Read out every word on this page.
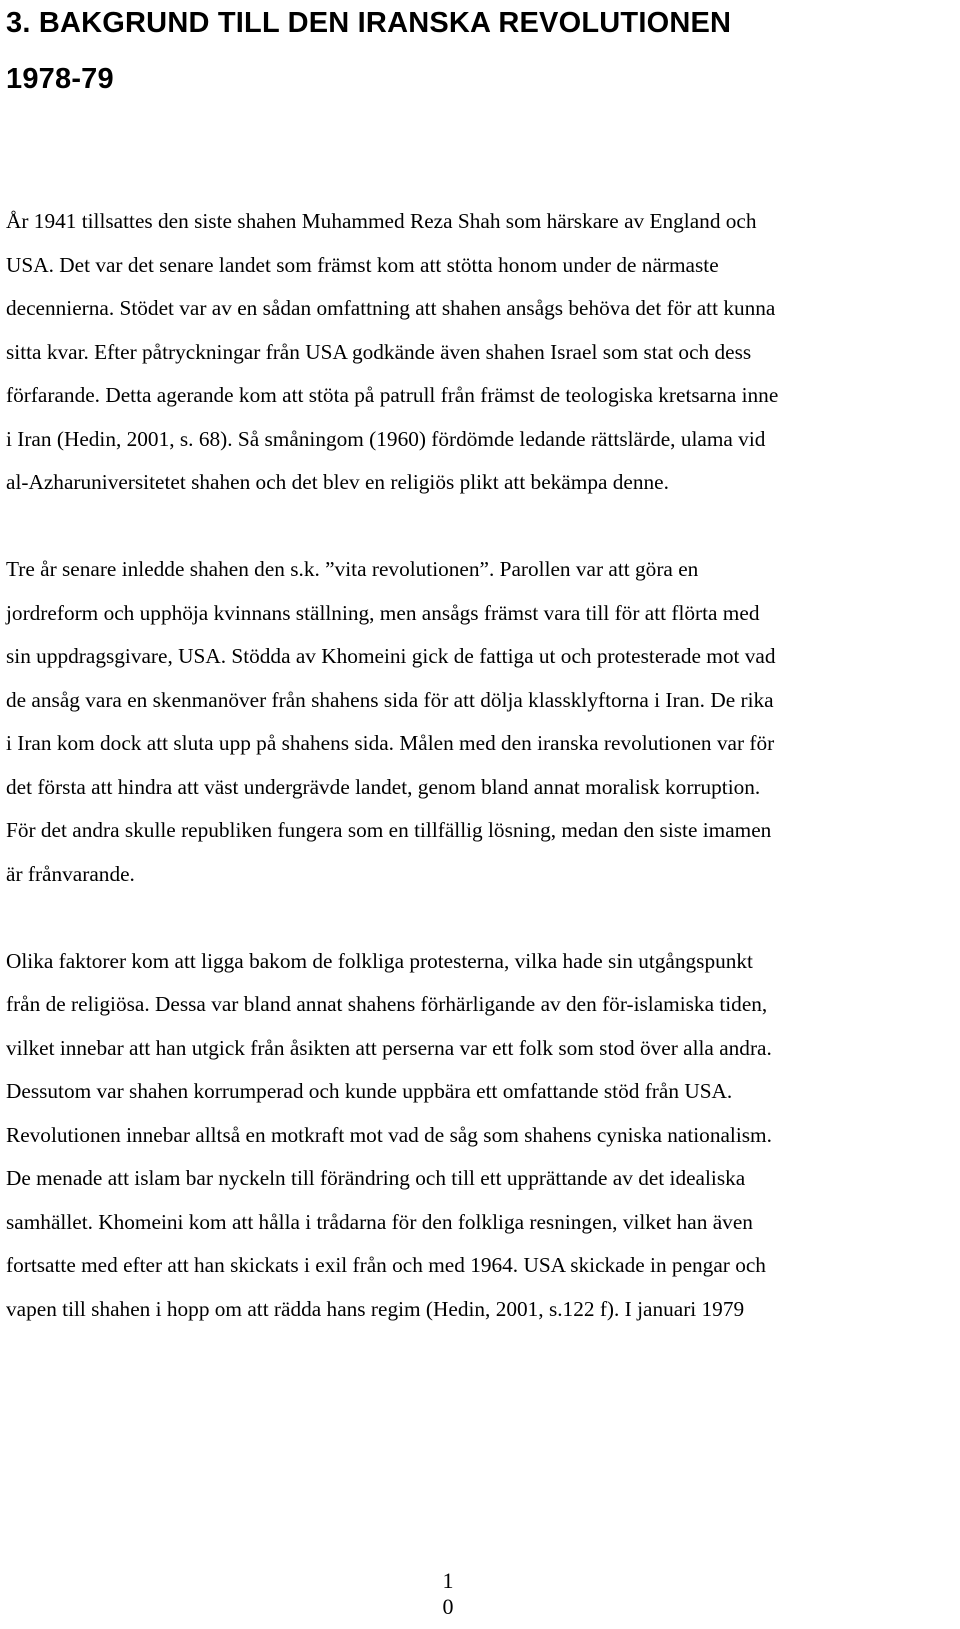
3. BAKGRUND TILL DEN IRANSKA REVOLUTIONEN
1978-79

År 1941 tillsattes den siste shahen Muhammed Reza Shah som härskare av England och
USA. Det var det senare landet som främst kom att stötta honom under de närmaste
decennierna. Stödet var av en sådan omfattning att shahen ansågs behöva det för att kunna
sitta kvar. Efter påtryckningar från USA godkände även shahen Israel som stat och dess
förfarande. Detta agerande kom att stöta på patrull från främst de teologiska kretsarna inne
i Iran (Hedin, 2001, s. 68). Så småningom (1960) fördömde ledande rättslärde, ulama vid
al-Azharuniversitetet shahen och det blev en religiös plikt att bekämpa denne.

Tre år senare inledde shahen den s.k. ”vita revolutionen”. Parollen var att göra en
jordreform och upphöja kvinnans ställning, men ansågs främst vara till för att flörta med
sin uppdragsgivare, USA. Stödda av Khomeini gick de fattiga ut och protesterade mot vad
de ansåg vara en skenmanöver från shahens sida för att dölja klassklyftorna i Iran. De rika
i Iran kom dock att sluta upp på shahens sida. Målen med den iranska revolutionen var för
det första att hindra att väst undergrävde landet, genom bland annat moralisk korruption.
För det andra skulle republiken fungera som en tillfällig lösning, medan den siste imamen
är frånvarande.

Olika faktorer kom att ligga bakom de folkliga protesterna, vilka hade sin utgångspunkt
från de religiösa. Dessa var bland annat shahens förhärligande av den för-islamiska tiden,
vilket innebar att han utgick från åsikten att perserna var ett folk som stod över alla andra.
Dessutom var shahen korrumperad och kunde uppbära ett omfattande stöd från USA.
Revolutionen innebar alltså en motkraft mot vad de såg som shahens cyniska nationalism.
De menade att islam bar nyckeln till förändring och till ett upprättande av det idealiska
samhället. Khomeini kom att hålla i trådarna för den folkliga resningen, vilket han även
fortsatte med efter att han skickats i exil från och med 1964. USA skickade in pengar och
vapen till shahen i hopp om att rädda hans regim (Hedin, 2001, s.122 f). I januari 1979

1
0
